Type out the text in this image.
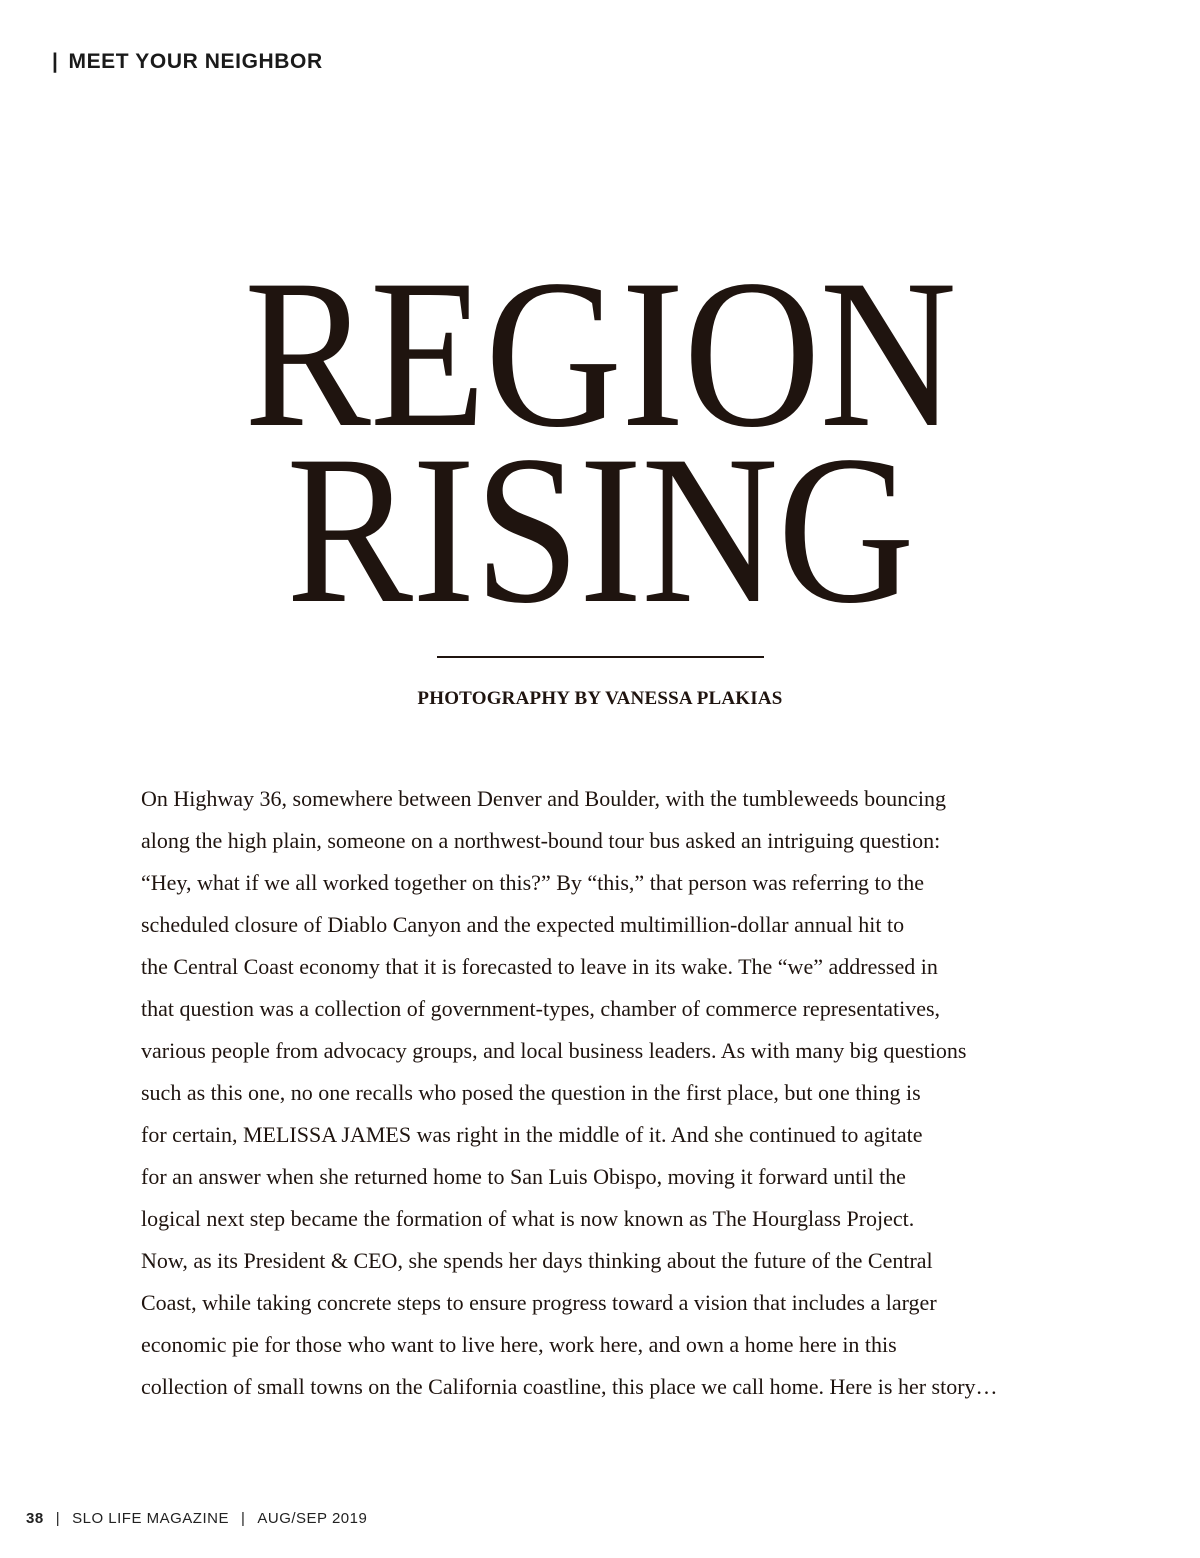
| MEET YOUR NEIGHBOR
REGION
RISING
PHOTOGRAPHY BY VANESSA PLAKIAS
On Highway 36, somewhere between Denver and Boulder, with the tumbleweeds bouncing
along the high plain, someone on a northwest-bound tour bus asked an intriguing question:
“Hey, what if we all worked together on this?” By “this,” that person was referring to the
scheduled closure of Diablo Canyon and the expected multimillion-dollar annual hit to
the Central Coast economy that it is forecasted to leave in its wake. The “we” addressed in
that question was a collection of government-types, chamber of commerce representatives,
various people from advocacy groups, and local business leaders. As with many big questions
such as this one, no one recalls who posed the question in the first place, but one thing is
for certain, MELISSA JAMES was right in the middle of it. And she continued to agitate
for an answer when she returned home to San Luis Obispo, moving it forward until the
logical next step became the formation of what is now known as The Hourglass Project.
Now, as its President & CEO, she spends her days thinking about the future of the Central
Coast, while taking concrete steps to ensure progress toward a vision that includes a larger
economic pie for those who want to live here, work here, and own a home here in this
collection of small towns on the California coastline, this place we call home. Here is her story…
38 | SLO LIFE MAGAZINE | AUG/SEP 2019
